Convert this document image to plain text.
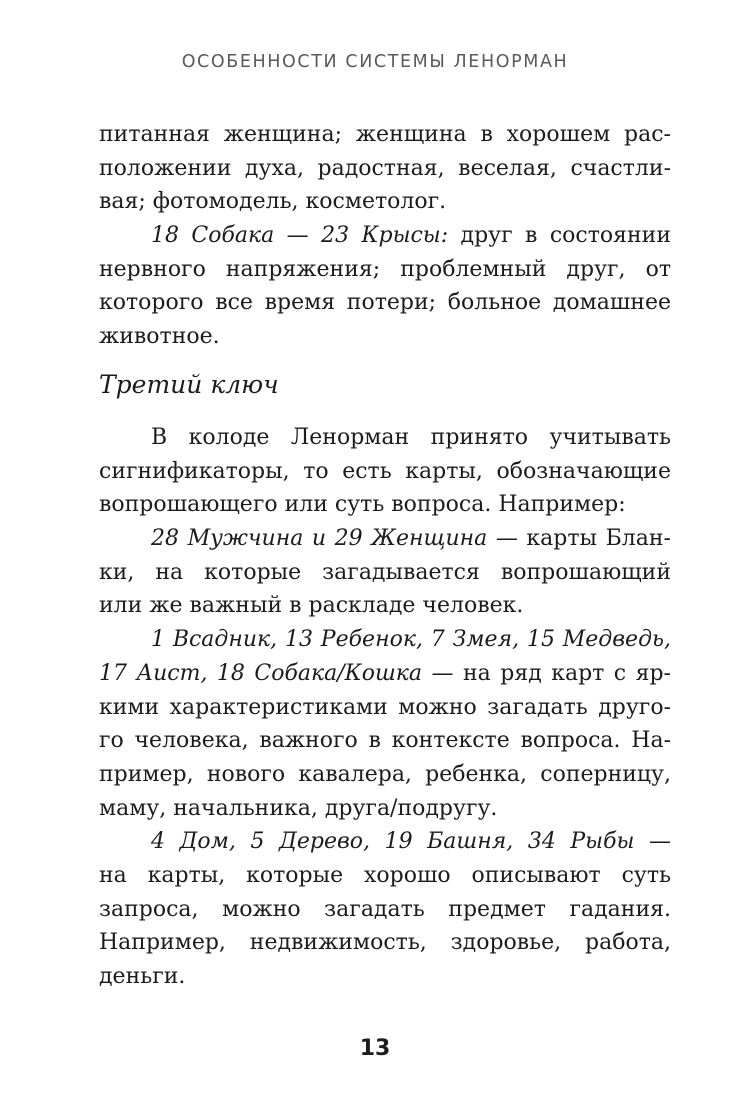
ОСОБЕННОСТИ СИСТЕМЫ ЛЕНОРМАН
питанная женщина; женщина в хорошем рас-
положении духа, радостная, веселая, счастли-
вая; фотомодель, косметолог.
18 Собака — 23 Крысы: друг в состоянии
нервного напряжения; проблемный друг, от
которого все время потери; больное домашнее
животное.
Третий ключ
В колоде Ленорман принято учитывать
сигнификаторы, то есть карты, обозначающие
вопрошающего или суть вопроса. Например:
28 Мужчина и 29 Женщина — карты Блан-
ки, на которые загадывается вопрошающий
или же важный в раскладе человек.
1 Всадник, 13 Ребенок, 7 Змея, 15 Медведь,
17 Аист, 18 Собака/Кошка — на ряд карт с яр-
кими характеристиками можно загадать друго-
го человека, важного в контексте вопроса. На-
пример, нового кавалера, ребенка, соперницу,
маму, начальника, друга/подругу.
4 Дом, 5 Дерево, 19 Башня, 34 Рыбы —
на карты, которые хорошо описывают суть
запроса, можно загадать предмет гадания.
Например, недвижимость, здоровье, работа,
деньги.
13
